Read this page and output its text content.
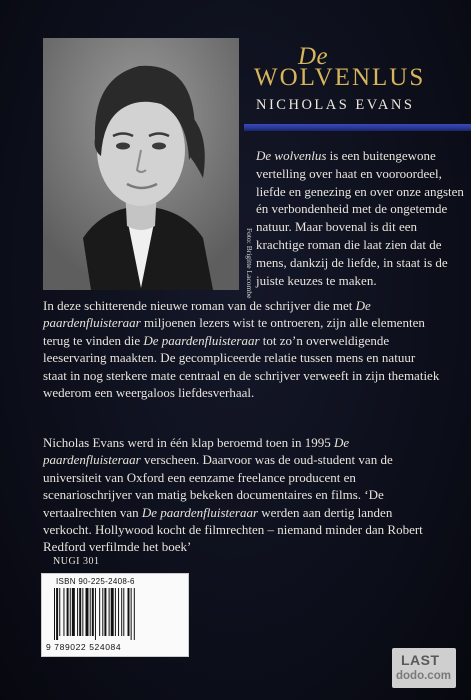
Foto: Brigitte Lacombe
De
WOLVENLUS
NICHOLAS EVANS

De wolvenlus is een buitengewone vertelling over haat en vooroordeel, liefde en genezing en over onze angsten én verbondenheid met de ongetemde natuur. Maar bovenal is dit een krachtige roman die laat zien dat de mens, dankzij de liefde, in staat is de juiste keuzes te maken.

In deze schitterende nieuwe roman van de schrijver die met De paardenfluisteraar miljoenen lezers wist te ontroeren, zijn alle elementen terug te vinden die De paardenfluisteraar tot zo’n overweldigende leeservaring maakten. De gecompliceerde relatie tussen mens en natuur staat in nog sterkere mate centraal en de schrijver verweeft in zijn thematiek wederom een weergaloos liefdesverhaal.

Nicholas Evans werd in één klap beroemd toen in 1995 De paardenfluisteraar verscheen. Daarvoor was de oud-student van de universiteit van Oxford een eenzame freelance producent en scenarioschrijver van matig bekeken documentaires en films. ‘De vertaalrechten van De paardenfluisteraar werden aan dertig landen verkocht. Hollywood kocht de filmrechten – niemand minder dan Robert Redford verfilmde het boek’

NUGI 301
ISBN 90-225-2408-6
9 789022 524084
LAST
dodo.com
